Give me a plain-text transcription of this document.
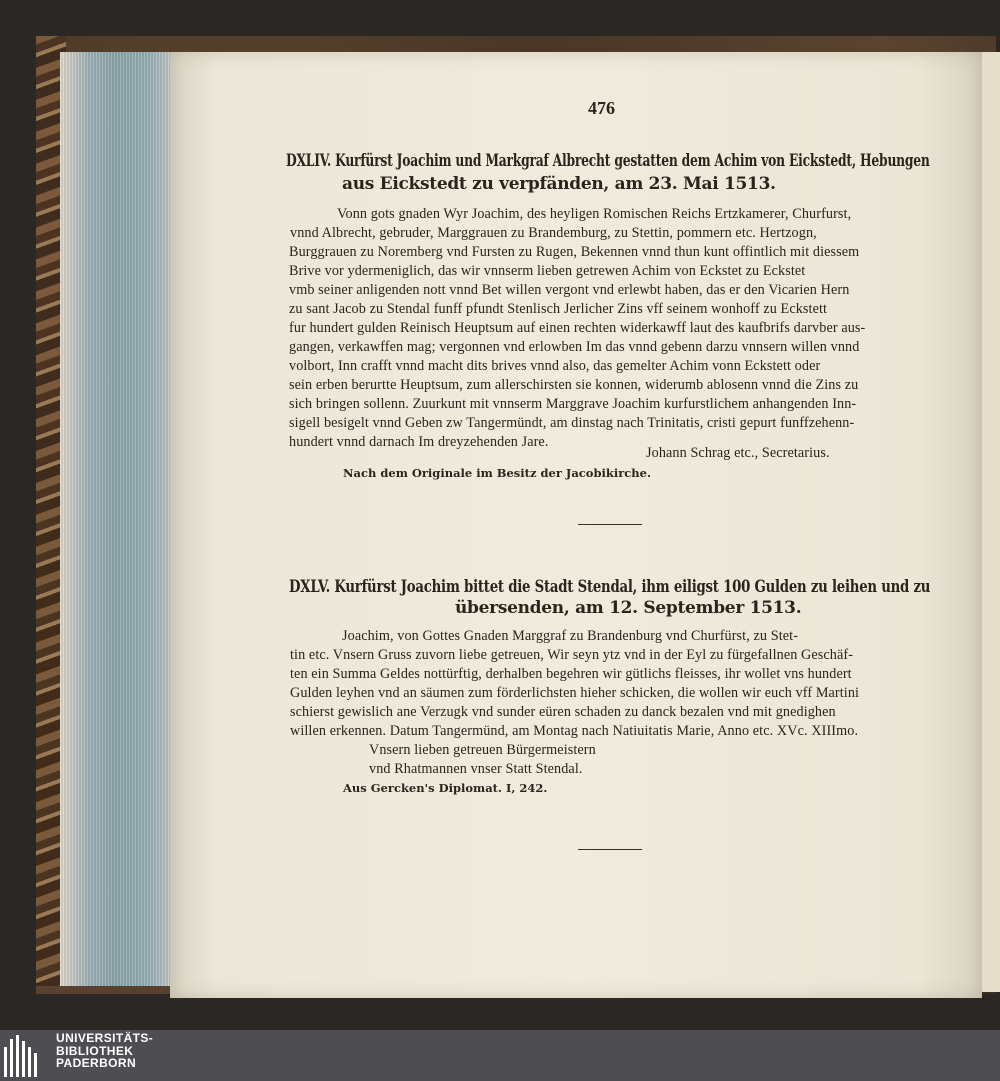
476
DXLIV. Kurfürst Joachim und Markgraf Albrecht gestatten dem Achim von Eickstedt, Hebungen
aus Eickstedt zu verpfänden, am 23. Mai 1513.
Vonn gots gnaden Wyr Joachim, des heyligen Romischen Reichs Ertzkamerer, Churfurst,
vnnd Albrecht, gebruder, Marggrauen zu Brandemburg, zu Stettin, pommern etc. Hertzogn,
Burggrauen zu Noremberg vnd Fursten zu Rugen, Bekennen vnnd thun kunt offintlich mit diessem
Brive vor ydermeniglich, das wir vnnserm lieben getrewen Achim von Eckstet zu Eckstet
vmb seiner anligenden nott vnnd Bet willen vergont vnd erlewbt haben, das er den Vicarien Hern
zu sant Jacob zu Stendal funff pfundt Stenlisch Jerlicher Zins vff seinem wonhoff zu Eckstett
fur hundert gulden Reinisch Heuptsum auf einen rechten widerkawff laut des kaufbrifs darvber aus-
gangen, verkawffen mag; vergonnen vnd erlowben Im das vnnd gebenn darzu vnnsern willen vnnd
volbort, Inn crafft vnnd macht dits brives vnnd also, das gemelter Achim vonn Eckstett oder
sein erben berurtte Heuptsum, zum allerschirsten sie konnen, widerumb ablosenn vnnd die Zins zu
sich bringen sollenn. Zuurkunt mit vnnserm Marggrave Joachim kurfurstlichem anhangenden Inn-
sigell besigelt vnnd Geben zw Tangermündt, am dinstag nach Trinitatis, cristi gepurt funffzehenn-
hundert vnnd darnach Im dreyzehenden Jare.
Johann Schrag etc., Secretarius.
Nach dem Originale im Besitz der Jacobikirche.
DXLV. Kurfürst Joachim bittet die Stadt Stendal, ihm eiligst 100 Gulden zu leihen und zu
übersenden, am 12. September 1513.
Joachim, von Gottes Gnaden Marggraf zu Brandenburg vnd Churfürst, zu Stet-
tin etc. Vnsern Gruss zuvorn liebe getreuen, Wir seyn ytz vnd in der Eyl zu fürgefallnen Geschäf-
ten ein Summa Geldes nottürftig, derhalben begehren wir gütlichs fleisses, ihr wollet vns hundert
Gulden leyhen vnd an säumen zum förderlichsten hieher schicken, die wollen wir euch vff Martini
schierst gewislich ane Verzugk vnd sunder eüren schaden zu danck bezalen vnd mit gnedighen
willen erkennen. Datum Tangermünd, am Montag nach Natiuitatis Marie, Anno etc. XVc. XIIImo.
Vnsern lieben getreuen Bürgermeistern
vnd Rhatmannen vnser Statt Stendal.
Aus Gercken's Diplomat. I, 242.
UNIVERSITÄTS-
BIBLIOTHEK
PADERBORN
